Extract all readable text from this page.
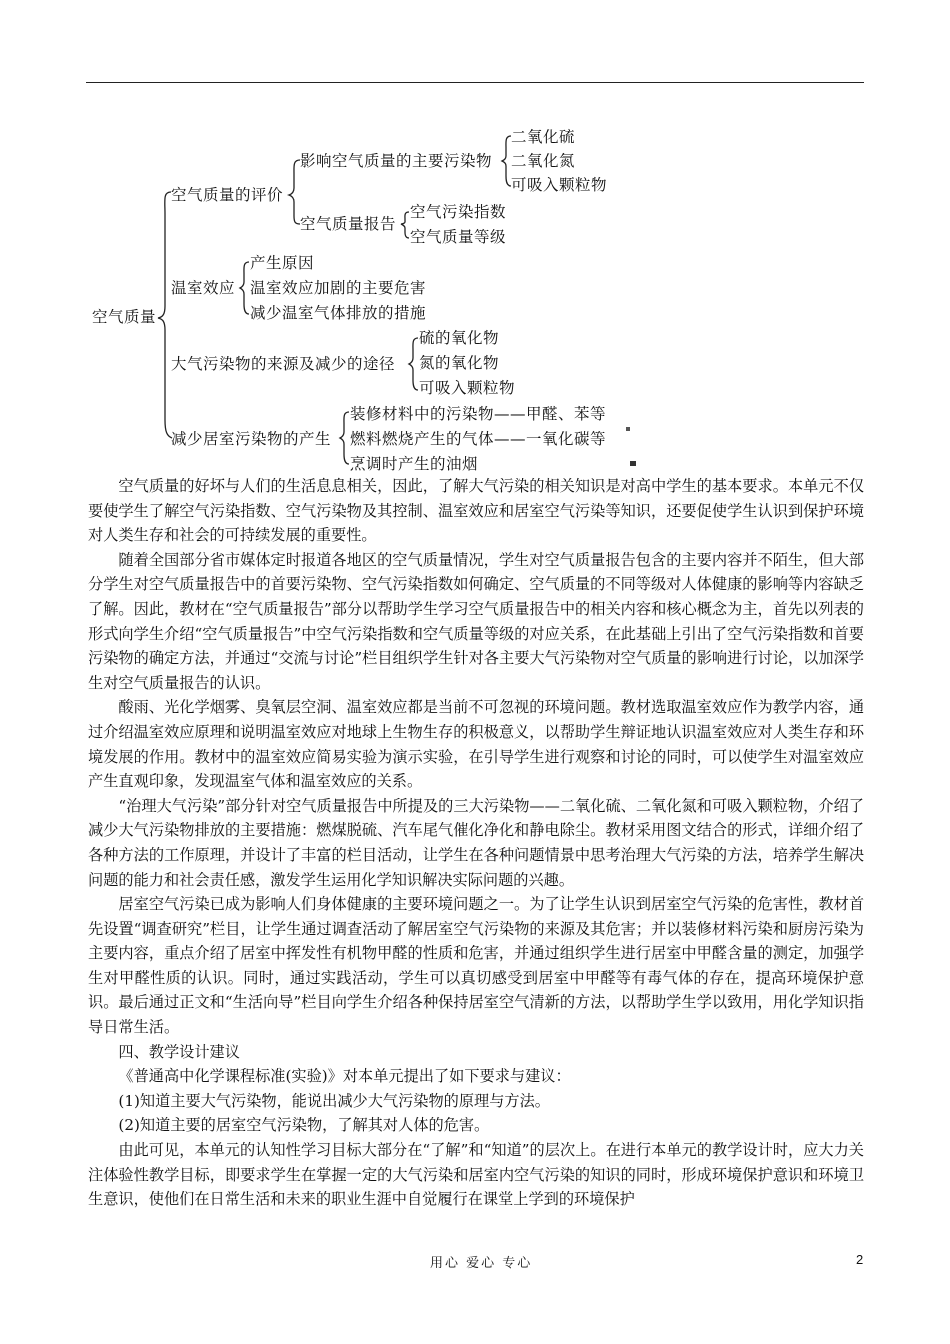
空气质量
空气质量的评价
影响空气质量的主要污染物
二氧化硫
二氧化氮
可吸入颗粒物
空气质量报告
空气污染指数
空气质量等级
温室效应
产生原因
温室效应加剧的主要危害
减少温室气体排放的措施
大气污染物的来源及减少的途径
硫的氧化物
氮的氧化物
可吸入颗粒物
减少居室污染物的产生
装修材料中的污染物——甲醛、苯等
燃料燃烧产生的气体——一氧化碳等
烹调时产生的油烟

空气质量的好坏与人们的生活息息相关，因此，了解大气污染的相关知识是对高中学生的基本要求。本单元不仅要使学生了解空气污染指数、空气污染物及其控制、温室效应和居室空气污染等知识，还要促使学生认识到保护环境对人类生存和社会的可持续发展的重要性。

随着全国部分省市媒体定时报道各地区的空气质量情况，学生对空气质量报告包含的主要内容并不陌生，但大部分学生对空气质量报告中的首要污染物、空气污染指数如何确定、空气质量的不同等级对人体健康的影响等内容缺乏了解。因此，教材在“空气质量报告”部分以帮助学生学习空气质量报告中的相关内容和核心概念为主，首先以列表的形式向学生介绍“空气质量报告”中空气污染指数和空气质量等级的对应关系，在此基础上引出了空气污染指数和首要污染物的确定方法，并通过“交流与讨论”栏目组织学生针对各主要大气污染物对空气质量的影响进行讨论，以加深学生对空气质量报告的认识。

酸雨、光化学烟雾、臭氧层空洞、温室效应都是当前不可忽视的环境问题。教材选取温室效应作为教学内容，通过介绍温室效应原理和说明温室效应对地球上生物生存的积极意义，以帮助学生辩证地认识温室效应对人类生存和环境发展的作用。教材中的温室效应简易实验为演示实验，在引导学生进行观察和讨论的同时，可以使学生对温室效应产生直观印象，发现温室气体和温室效应的关系。

“治理大气污染”部分针对空气质量报告中所提及的三大污染物——二氧化硫、二氧化氮和可吸入颗粒物，介绍了减少大气污染物排放的主要措施：燃煤脱硫、汽车尾气催化净化和静电除尘。教材采用图文结合的形式，详细介绍了各种方法的工作原理，并设计了丰富的栏目活动，让学生在各种问题情景中思考治理大气污染的方法，培养学生解决问题的能力和社会责任感，激发学生运用化学知识解决实际问题的兴趣。

居室空气污染已成为影响人们身体健康的主要环境问题之一。为了让学生认识到居室空气污染的危害性，教材首先设置“调查研究”栏目，让学生通过调查活动了解居室空气污染物的来源及其危害；并以装修材料污染和厨房污染为主要内容，重点介绍了居室中挥发性有机物甲醛的性质和危害，并通过组织学生进行居室中甲醛含量的测定，加强学生对甲醛性质的认识。同时，通过实践活动，学生可以真切感受到居室中甲醛等有毒气体的存在，提高环境保护意识。最后通过正文和“生活向导”栏目向学生介绍各种保持居室空气清新的方法，以帮助学生学以致用，用化学知识指导日常生活。

四、教学设计建议

《普通高中化学课程标准(实验)》对本单元提出了如下要求与建议：

(1)知道主要大气污染物，能说出减少大气污染物的原理与方法。

(2)知道主要的居室空气污染物，了解其对人体的危害。

由此可见，本单元的认知性学习目标大部分在“了解”和“知道”的层次上。在进行本单元的教学设计时，应大力关注体验性教学目标，即要求学生在掌握一定的大气污染和居室内空气污染的知识的同时，形成环境保护意识和环境卫生意识，使他们在日常生活和未来的职业生涯中自觉履行在课堂上学到的环境保护

用心 爱心 专心	2
